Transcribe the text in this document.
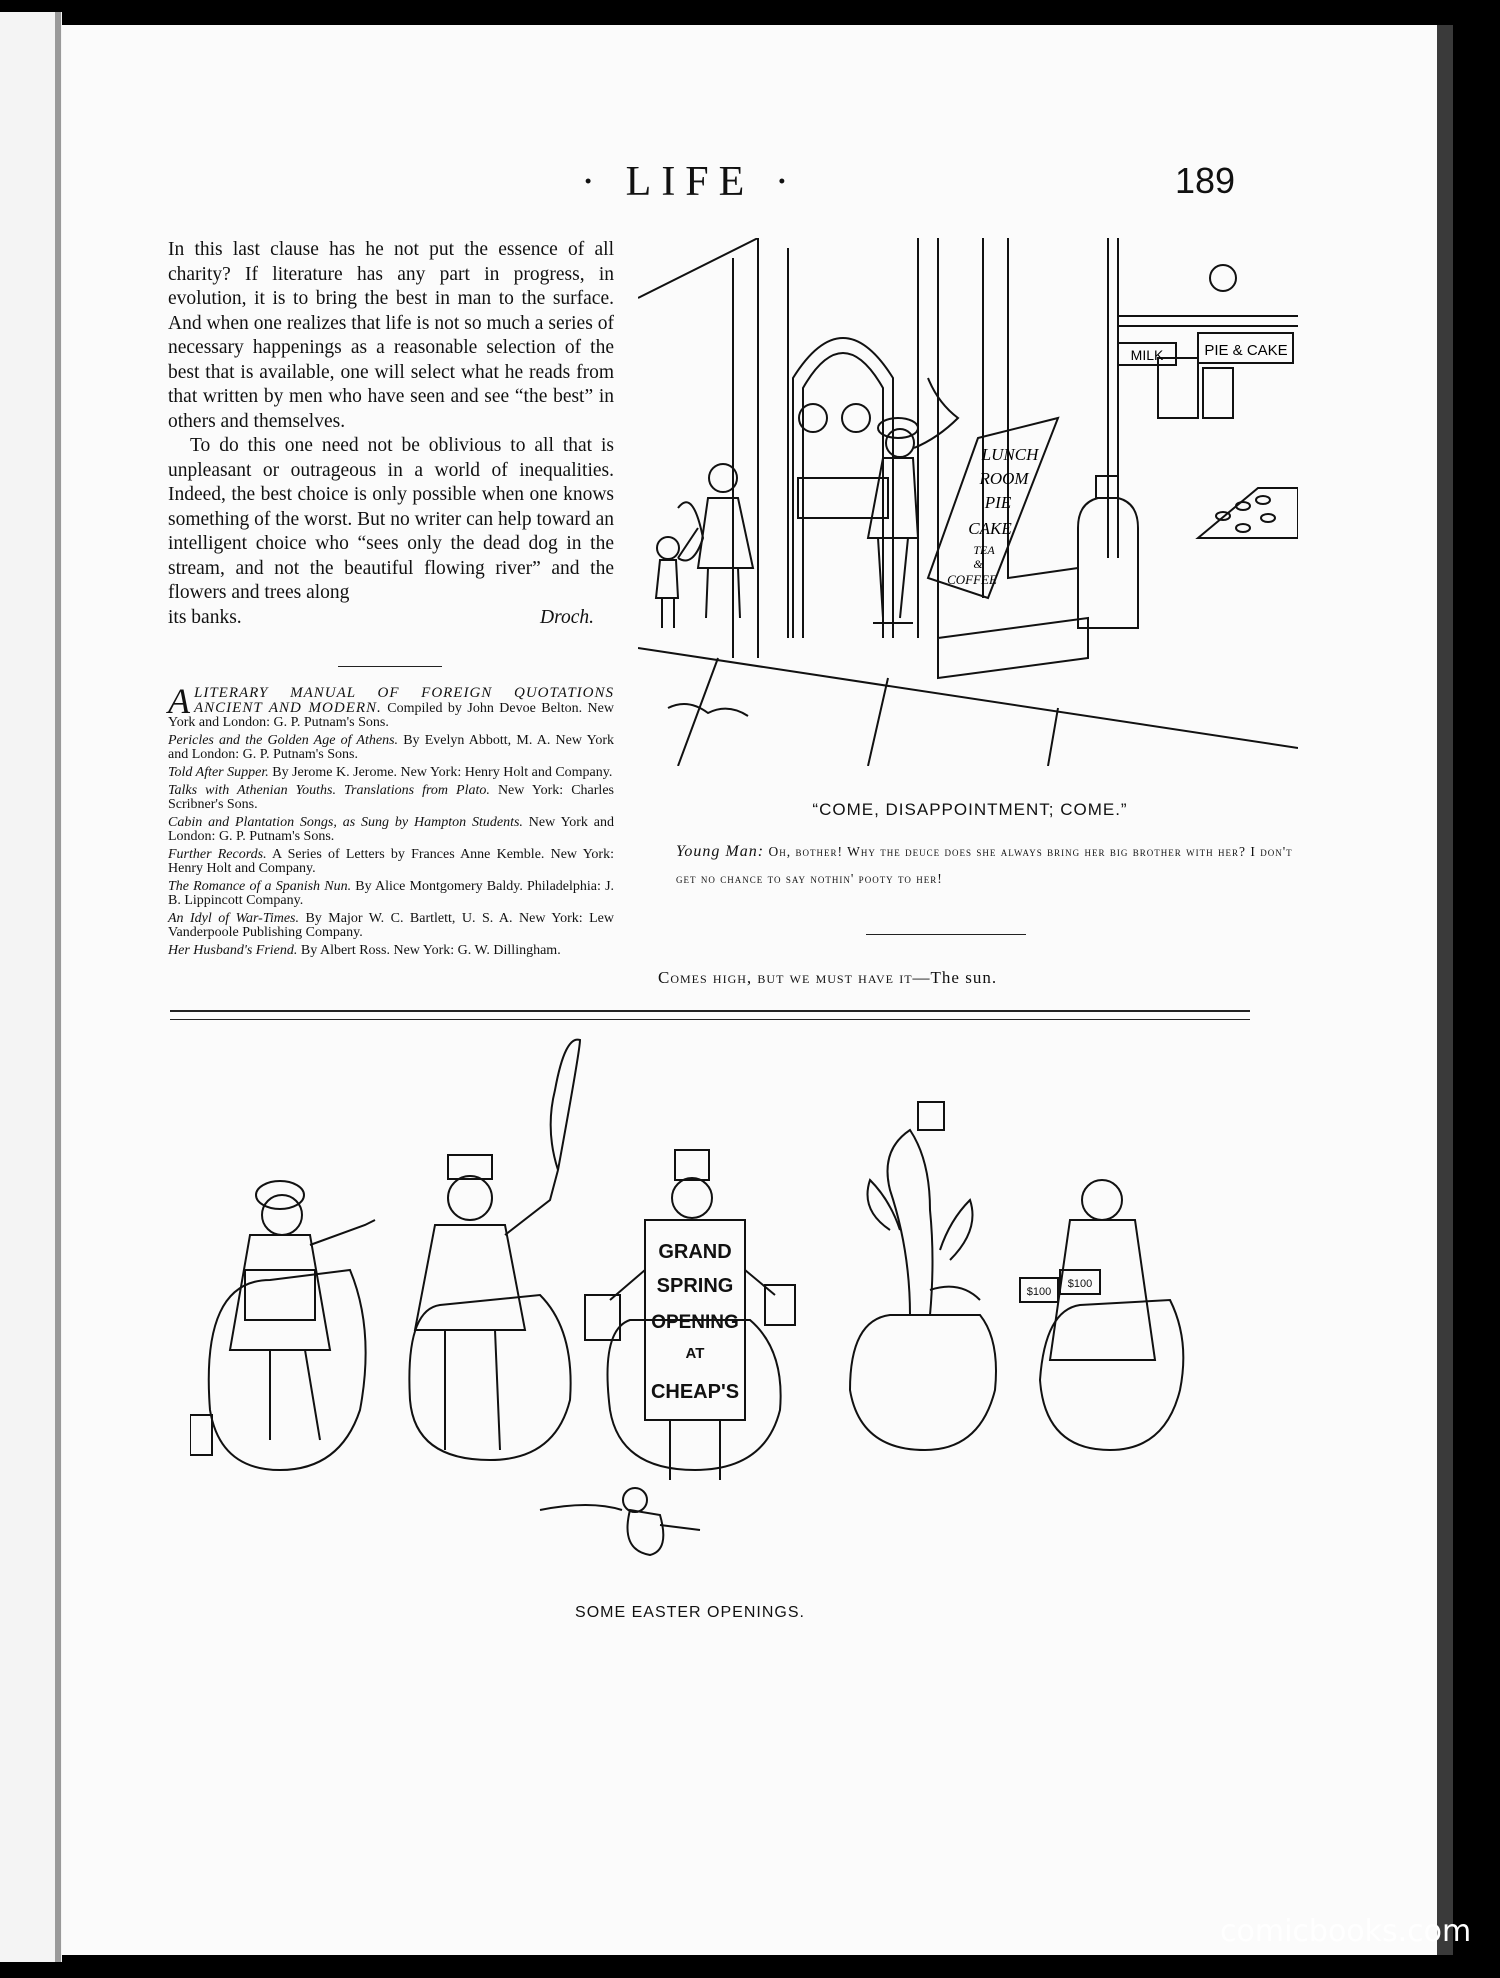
· LIFE ·	189

In this last clause has he not put the essence of all charity? If literature has any part in progress, in evolution, it is to bring the best in man to the surface. And when one realizes that life is not so much a series of necessary happenings as a reasonable selection of the best that is available, one will select what he reads from that written by men who have seen and see “the best” in others and themselves.

To do this one need not be oblivious to all that is unpleasant or outrageous in a world of inequalities. Indeed, the best choice is only possible when one knows something of the worst. But no writer can help toward an intelligent choice who “sees only the dead dog in the stream, and not the beautiful flowing river” and the flowers and trees along

its banks.	Droch.
A LITERARY MANUAL OF FOREIGN QUOTATIONS ANCIENT AND MODERN. Compiled by John Devoe Belton. New York and London: G. P. Putnam's Sons.
Pericles and the Golden Age of Athens. By Evelyn Abbott, M. A. New York and London: G. P. Putnam's Sons.
Told After Supper. By Jerome K. Jerome. New York: Henry Holt and Company.
Talks with Athenian Youths. Translations from Plato. New York: Charles Scribner's Sons.
Cabin and Plantation Songs, as Sung by Hampton Students. New York and London: G. P. Putnam's Sons.
Further Records. A Series of Letters by Frances Anne Kemble. New York: Henry Holt and Company.
The Romance of a Spanish Nun. By Alice Montgomery Baldy. Philadelphia: J. B. Lippincott Company.
An Idyl of War-Times. By Major W. C. Bartlett, U. S. A. New York: Lew Vanderpoole Publishing Company.
Her Husband's Friend. By Albert Ross. New York: G. W. Dillingham.
MILK	PIE & CAKE
LUNCH
ROOM
PIE
CAKE
TEA
&
COFFEE
“COME, DISAPPOINTMENT; COME.”
Young Man: Oh, bother! Why the deuce does she always bring her big brother with her? I don't get no chance to say nothin' pooty to her!
Comes high, but we must have it—The sun.
GRAND
SPRING
OPENING
AT
CHEAP'S
$100
$100
SOME EASTER OPENINGS.
comicbooks.com
